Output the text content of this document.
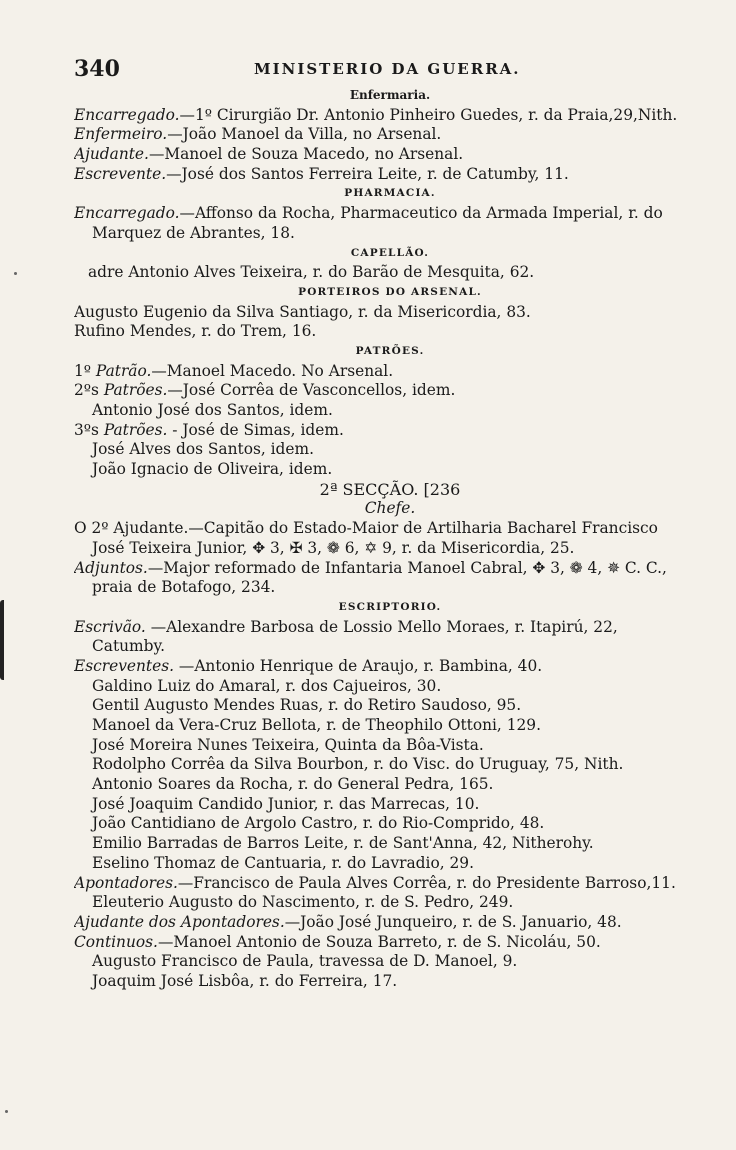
340	MINISTERIO DA GUERRA.
Enfermaria.
Encarregado.—1º Cirurgião Dr. Antonio Pinheiro Guedes, r. da Praia,29,Nith.
Enfermeiro.—João Manoel da Villa, no Arsenal.
Ajudante.—Manoel de Souza Macedo, no Arsenal.
Escrevente.—José dos Santos Ferreira Leite, r. de Catumby, 11.
PHARMACIA.
Encarregado.—Affonso da Rocha, Pharmaceutico da Armada Imperial, r. do
Marquez de Abrantes, 18.
CAPELLÃO.
adre Antonio Alves Teixeira, r. do Barão de Mesquita, 62.
PORTEIROS DO ARSENAL.
Augusto Eugenio da Silva Santiago, r. da Misericordia, 83.
Rufino Mendes, r. do Trem, 16.
PATRÕES.
1º Patrão.—Manoel Macedo. No Arsenal.
2ºs Patrões.—José Corrêa de Vasconcellos, idem.
Antonio José dos Santos, idem.
3ºs Patrões. - José de Simas, idem.
José Alves dos Santos, idem.
João Ignacio de Oliveira, idem.
2ª SECÇÃO. [236
Chefe.
O 2º Ajudante.—Capitão do Estado-Maior de Artilharia Bacharel Francisco
José Teixeira Junior, ✥ 3, ✠ 3, ❁ 6, ✡ 9, r. da Misericordia, 25.
Adjuntos.—Major reformado de Infantaria Manoel Cabral, ✥ 3, ❁ 4, ✵ C. C.,
praia de Botafogo, 234.
ESCRIPTORIO.
Escrivão. —Alexandre Barbosa de Lossio Mello Moraes, r. Itapirú, 22,
Catumby.
Escreventes. —Antonio Henrique de Araujo, r. Bambina, 40.
Galdino Luiz do Amaral, r. dos Cajueiros, 30.
Gentil Augusto Mendes Ruas, r. do Retiro Saudoso, 95.
Manoel da Vera-Cruz Bellota, r. de Theophilo Ottoni, 129.
José Moreira Nunes Teixeira, Quinta da Bôa-Vista.
Rodolpho Corrêa da Silva Bourbon, r. do Visc. do Uruguay, 75, Nith.
Antonio Soares da Rocha, r. do General Pedra, 165.
José Joaquim Candido Junior, r. das Marrecas, 10.
João Cantidiano de Argolo Castro, r. do Rio-Comprido, 48.
Emilio Barradas de Barros Leite, r. de Sant'Anna, 42, Nitherohy.
Eselino Thomaz de Cantuaria, r. do Lavradio, 29.
Apontadores.—Francisco de Paula Alves Corrêa, r. do Presidente Barroso,11.
Eleuterio Augusto do Nascimento, r. de S. Pedro, 249.
Ajudante dos Apontadores.—João José Junqueiro, r. de S. Januario, 48.
Continuos.—Manoel Antonio de Souza Barreto, r. de S. Nicoláu, 50.
Augusto Francisco de Paula, travessa de D. Manoel, 9.
Joaquim José Lisbôa, r. do Ferreira, 17.
